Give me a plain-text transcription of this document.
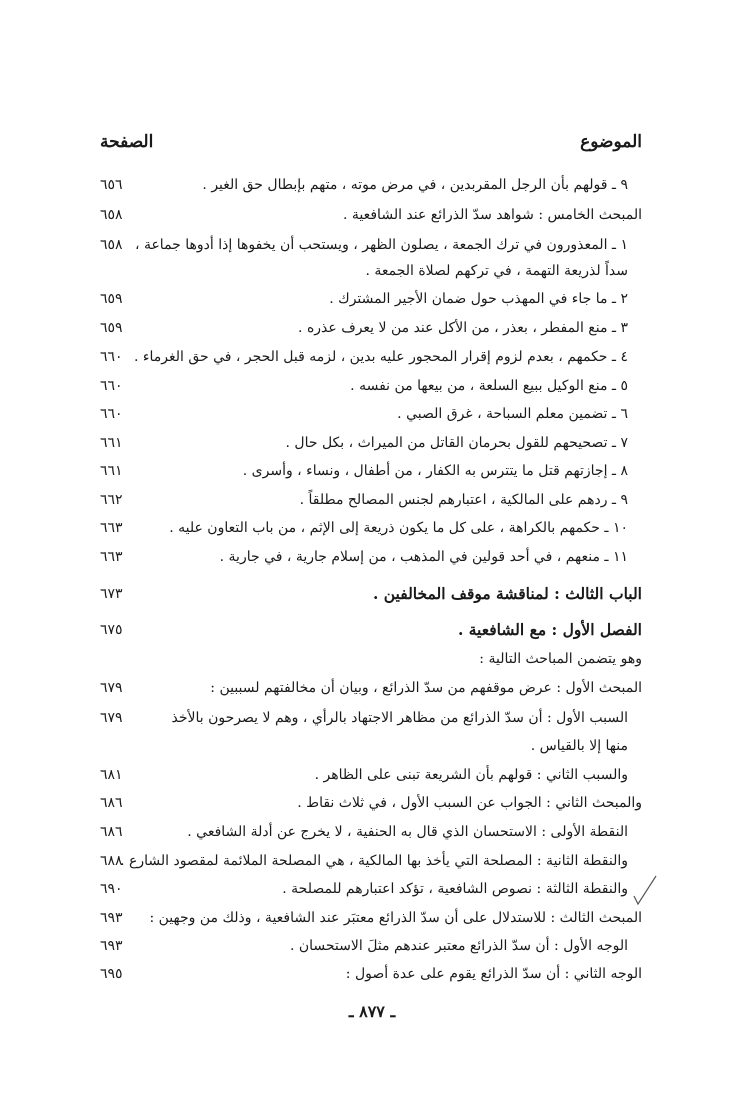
الموضوع
الصفحة
٩ ـ قولهم بأن الرجل المقربدين ، في مرض موته ، متهم بإبطال حق الغير .
٦٥٦
المبحث الخامس : شواهد سدّ الذرائع عند الشافعية .
٦٥٨
١ ـ المعذورون في ترك الجمعة ، يصلون الظهر ، ويستحب أن يخفوها إذا أدوها جماعة ،
٦٥٨
سداً لذريعة التهمة ، في تركهم لصلاة الجمعة .
٢ ـ ما جاء في المهذب حول ضمان الأجير المشترك .
٦٥٩
٣ ـ منع المفطر ، بعذر ، من الأكل عند من لا يعرف عذره .
٦٥٩
٤ ـ حكمهم ، بعدم لزوم إقرار المحجور عليه بدين ، لزمه قبل الحجر ، في حق الغرماء .
٦٦٠
٥ ـ منع الوكيل ببيع السلعة ، من بيعها من نفسه .
٦٦٠
٦ ـ تضمين معلم السباحة ، غرق الصبي .
٦٦٠
٧ ـ تصحيحهم للقول بحرمان القاتل من الميراث ، بكل حال .
٦٦١
٨ ـ إجازتهم قتل ما يتترس به الكفار ، من أطفال ، ونساء ، وأسرى .
٦٦١
٩ ـ ردهم على المالكية ، اعتبارهم لجنس المصالح مطلقاً .
٦٦٢
١٠ ـ حكمهم بالكراهة ، على كل ما يكون ذريعة إلى الإثم ، من باب التعاون عليه .
٦٦٣
١١ ـ منعهم ، في أحد قولين في المذهب ، من إسلام جارية ، في جارية .
٦٦٣
الباب الثالث : لمناقشة موقف المخالفين .
٦٧٣
الفصل الأول : مع الشافعية .
٦٧٥
وهو يتضمن المباحث التالية :
المبحث الأول : عرض موقفهم من سدّ الذرائع ، وبيان أن مخالفتهم لسببين :
٦٧٩
السبب الأول : أن سدّ الذرائع من مظاهر الاجتهاد بالرأي ، وهم لا يصرحون بالأخذ
٦٧٩
منها إلا بالقياس .
والسبب الثاني : قولهم بأن الشريعة تبنى على الظاهر .
٦٨١
والمبحث الثاني : الجواب عن السبب الأول ، في ثلاث نقاط .
٦٨٦
النقطة الأولى : الاستحسان الذي قال به الحنفية ، لا يخرج عن أدلة الشافعي .
٦٨٦
والنقطة الثانية : المصلحة التي يأخذ بها المالكية ، هي المصلحة الملائمة لمقصود الشارع .
٦٨٨
والنقطة الثالثة : نصوص الشافعية ، تؤكد اعتبارهم للمصلحة .
٦٩٠
المبحث الثالث : للاستدلال على أن سدّ الذرائع معتبَر عند الشافعية ، وذلك من وجهين :
٦٩٣
الوجه الأول : أن سدّ الذرائع معتبر عندهم مثلَ الاستحسان .
٦٩٣
الوجه الثاني : أن سدّ الذرائع يقوم على عدة أصول :
٦٩٥
ـ ٨٧٧ ـ
